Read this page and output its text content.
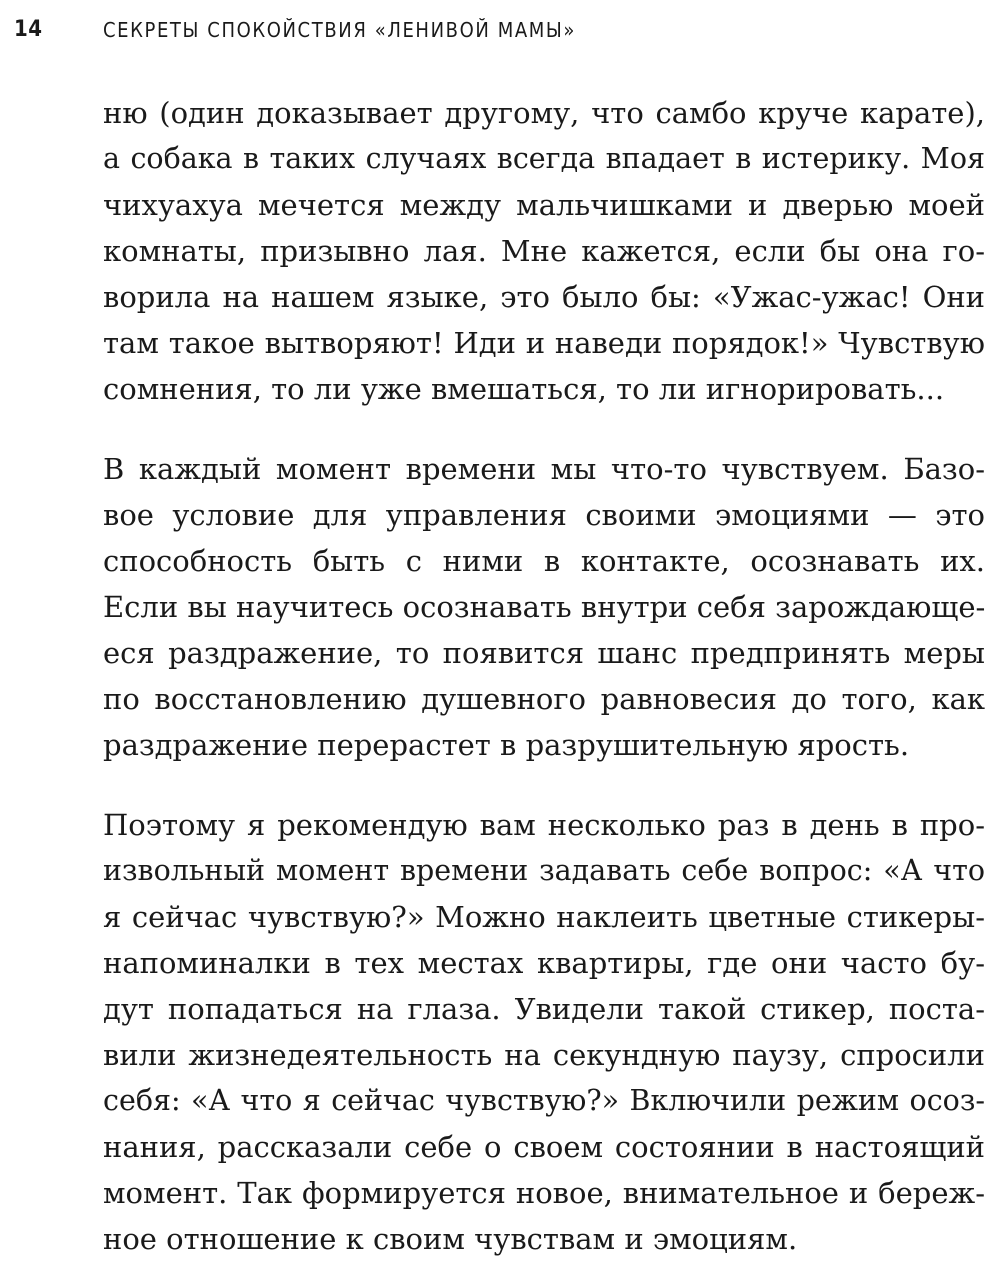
14	СЕКРЕТЫ СПОКОЙСТВИЯ «ЛЕНИВОЙ МАМЫ»

ню (один доказывает другому, что самбо круче карате),
а собака в таких случаях всегда впадает в истерику. Моя
чихуахуа мечется между мальчишками и дверью моей
комнаты, призывно лая. Мне кажется, если бы она го-
ворила на нашем языке, это было бы: «Ужас-ужас! Они
там такое вытворяют! Иди и наведи порядок!» Чувствую
сомнения, то ли уже вмешаться, то ли игнорировать...

В каждый момент времени мы что-то чувствуем. Базо-
вое условие для управления своими эмоциями — это
способность быть с ними в контакте, осознавать их.
Если вы научитесь осознавать внутри себя зарождающе-
еся раздражение, то появится шанс предпринять меры
по восстановлению душевного равновесия до того, как
раздражение перерастет в разрушительную ярость.

Поэтому я рекомендую вам несколько раз в день в про-
извольный момент времени задавать себе вопрос: «А что
я сейчас чувствую?» Можно наклеить цветные стикеры-
напоминалки в тех местах квартиры, где они часто бу-
дут попадаться на глаза. Увидели такой стикер, поста-
вили жизнедеятельность на секундную паузу, спросили
себя: «А что я сейчас чувствую?» Включили режим осоз-
нания, рассказали себе о своем состоянии в настоящий
момент. Так формируется новое, внимательное и береж-
ное отношение к своим чувствам и эмоциям.
